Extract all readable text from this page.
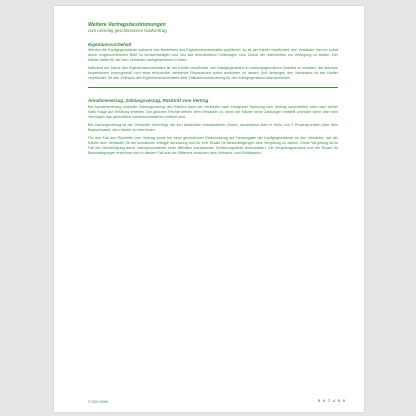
Weitere Vertragsbestimmungen
zum umseitig geschlossenen Kaufvertrag
Eigentumsvorbehalt

Werden die Kaufgegenstände während des Bestehens des Eigentumsvorbehaltes gepfändet, so ist der Käufer verpflichtet, den Verkäufer hiervon sofort durch eingeschriebenen Brief zu benachrichtigen und ihm alle erforderlichen Unterlagen zum Zweck der Intervention zur Verfügung zu stellen. Der Käufer haftet für die dem Verkäufer nachgewiesenen Kosten.

Während der Dauer des Eigentumsvorbehaltes ist der Käufer verpflichtet, den Kaufgegenstand in ordnungsgemäßem Zustand zu erhalten, die üblichen Inspektionen turnusgemäß und etwa erforderlich werdende Reparaturen sofort ausführen zu lassen. Auf Verlangen des Verkäufers ist der Käufer verpflichtet, für den Zeitraum des Eigentumsvorbehaltes eine Vollkaskoversicherung für den Kaufgegenstand abzuschließen.

Annahmeverzug, Zahlungsverzug, Rücktritt vom Vertrag

Bei Annahmeverzug und/oder Zahlungsverzug des Käufers kann der Verkäufer nach erfolgloser Mahnung vom Vertrag zurücktreten oder nach seiner Wahl Klage auf Erfüllung erheben. Die gleichen Rechte stehen dem Verkäufer zu, wenn der Käufer seine Zahlungen einstellt und/oder wenn über sein Vermögen das gerichtliche Insolvenzverfahren eröffnet wird.

Bei Zahlungsverzug ist der Verkäufer berechtigt, die ihm tatsächlich entstandenen Zinsen, mindestens aber in Höhe von 5 Prozentpunkten über dem Basiszinssatz, dem Käufer zu berechnen.

Für den Fall des Rücktritts vom Vertrag sowie bei einer gerichtlichen Entscheidung auf Herausgabe der Kaufgegenstände an den Verkäufer, hat der Käufer dem Verkäufer für die inzwischen erfolgte Abnutzung und für evtl. Ersatz für Beschädigungen eine Vergütung zu zahlen. Diese Vergütung ist im Fall der Nichteinigung durch Inanspruchnahme einer öffentlich anerkannten Schätzungsstelle festzustellen. Die Vergütungssumme und der Ersatz für Beschädigungen errechnet sich in diesem Fall aus der Differenz zwischen dem Verkaufs- und Schätzpreis.

© 0201 00000	5 0 7 4 0 0
